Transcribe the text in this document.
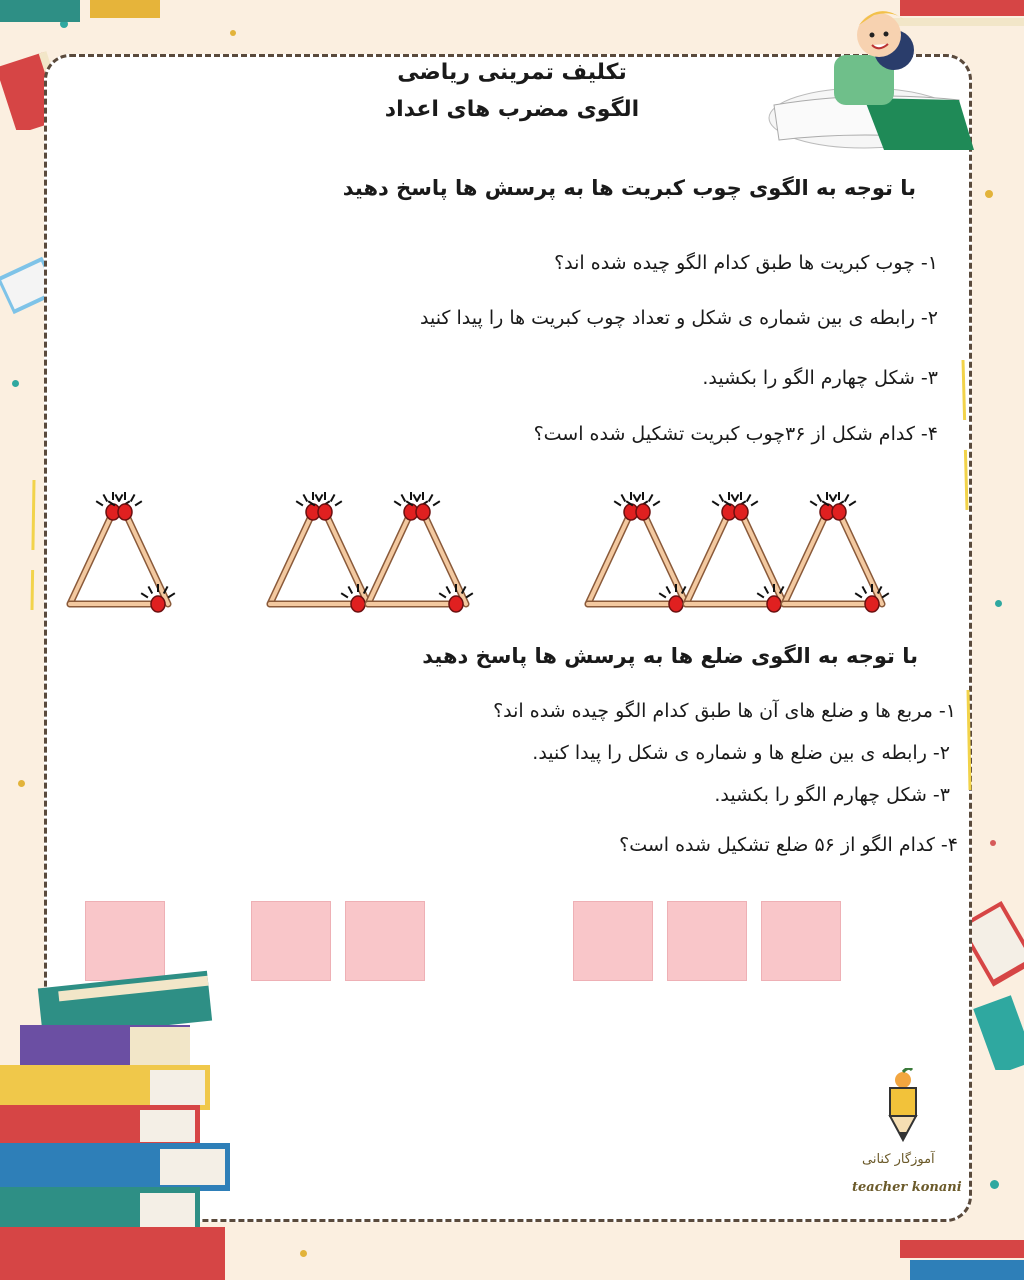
تکلیف تمرینی ریاضی
الگوی مضرب های اعداد
با توجه به الگوی چوب کبریت ها به پرسش ها پاسخ دهید
۱- چوب کبریت ها طبق کدام الگو چیده شده اند؟
۲- رابطه ی بین شماره ی شکل و تعداد چوب کبریت ها را پیدا کنید
۳- شکل چهارم الگو را بکشید.
۴- کدام شکل از ۳۶چوب کبریت تشکیل شده است؟
با توجه به الگوی ضلع ها به پرسش ها پاسخ دهید
۱- مربع ها و ضلع های آن ها طبق کدام الگو چیده شده اند؟
۲- رابطه ی بین ضلع ها و شماره ی شکل را پیدا کنید.
۳- شکل چهارم الگو را بکشید.
۴- کدام الگو از ۵۶ ضلع تشکیل شده است؟
آموزگار کنانی
teacher konani
